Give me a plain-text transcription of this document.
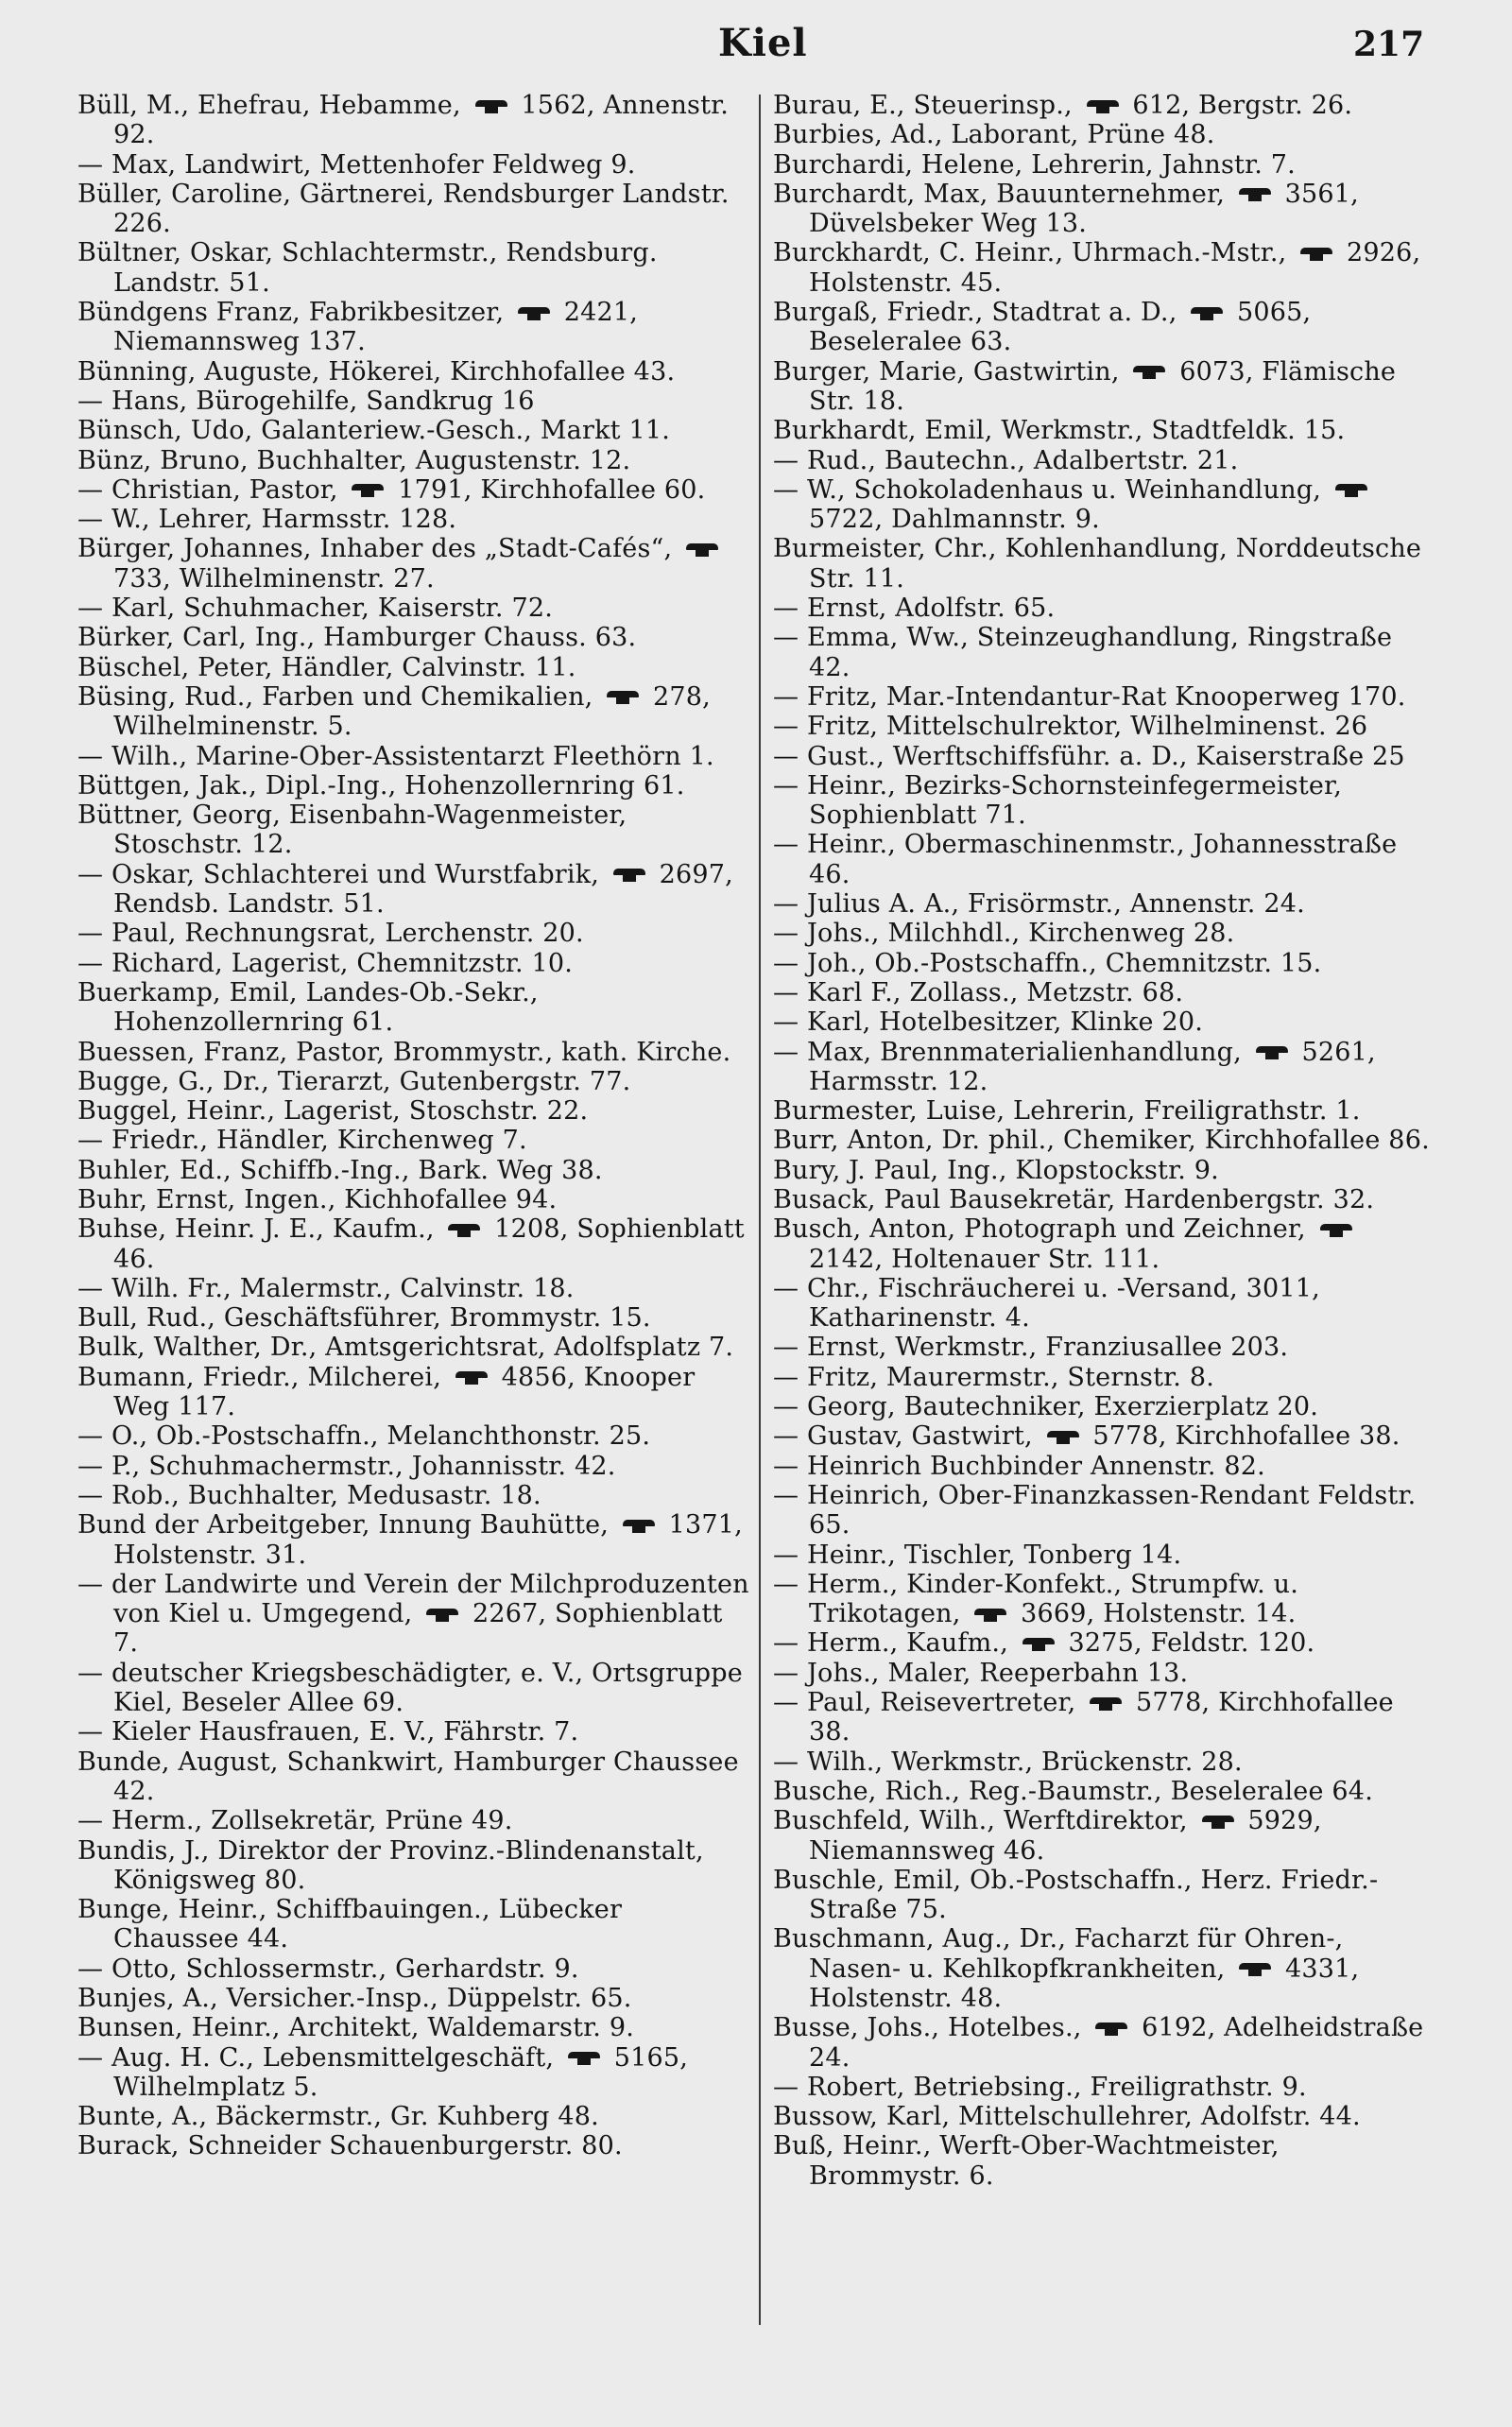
Kiel	217
Büll, M., Ehefrau, Hebamme,  1562, Annenstr. 92.
— Max, Landwirt, Mettenhofer Feldweg 9.
Büller, Caroline, Gärtnerei, Rendsburger Landstr. 226.
Bültner, Oskar, Schlachtermstr., Rendsburg. Landstr. 51.
Bündgens Franz, Fabrikbesitzer,  2421, Niemannsweg 137.
Bünning, Auguste, Hökerei, Kirchhofallee 43.
— Hans, Bürogehilfe, Sandkrug 16
Bünsch, Udo, Galanteriew.-Gesch., Markt 11.
Bünz, Bruno, Buchhalter, Augustenstr. 12.
— Christian, Pastor,  1791, Kirchhofallee 60.
— W., Lehrer, Harmsstr. 128.
Bürger, Johannes, Inhaber des „Stadt-Cafés“,  733, Wilhelminenstr. 27.
— Karl, Schuhmacher, Kaiserstr. 72.
Bürker, Carl, Ing., Hamburger Chauss. 63.
Büschel, Peter, Händler, Calvinstr. 11.
Büsing, Rud., Farben und Chemikalien,  278, Wilhelminenstr. 5.
— Wilh., Marine-Ober-Assistentarzt Fleethörn 1.
Büttgen, Jak., Dipl.-Ing., Hohenzollernring 61.
Büttner, Georg, Eisenbahn-Wagenmeister, Stoschstr. 12.
— Oskar, Schlachterei und Wurstfabrik,  2697, Rendsb. Landstr. 51.
— Paul, Rechnungsrat, Lerchenstr. 20.
— Richard, Lagerist, Chemnitzstr. 10.
Buerkamp, Emil, Landes-Ob.-Sekr., Hohenzollernring 61.
Buessen, Franz, Pastor, Brommystr., kath. Kirche.
Bugge, G., Dr., Tierarzt, Gutenbergstr. 77.
Buggel, Heinr., Lagerist, Stoschstr. 22.
— Friedr., Händler, Kirchenweg 7.
Buhler, Ed., Schiffb.-Ing., Bark. Weg 38.
Buhr, Ernst, Ingen., Kichhofallee 94.
Buhse, Heinr. J. E., Kaufm.,  1208, Sophienblatt 46.
— Wilh. Fr., Malermstr., Calvinstr. 18.
Bull, Rud., Geschäftsführer, Brommystr. 15.
Bulk, Walther, Dr., Amtsgerichtsrat, Adolfsplatz 7.
Bumann, Friedr., Milcherei,  4856, Knooper Weg 117.
— O., Ob.-Postschaffn., Melanchthonstr. 25.
— P., Schuhmachermstr., Johannisstr. 42.
— Rob., Buchhalter, Medusastr. 18.
Bund der Arbeitgeber, Innung Bauhütte,  1371, Holstenstr. 31.
— der Landwirte und Verein der Milchproduzenten von Kiel u. Umgegend,  2267, Sophienblatt 7.
— deutscher Kriegsbeschädigter, e. V., Ortsgruppe Kiel, Beseler Allee 69.
— Kieler Hausfrauen, E. V., Fährstr. 7.
Bunde, August, Schankwirt, Hamburger Chaussee 42.
— Herm., Zollsekretär, Prüne 49.
Bundis, J., Direktor der Provinz.-Blindenanstalt, Königsweg 80.
Bunge, Heinr., Schiffbauingen., Lübecker Chaussee 44.
— Otto, Schlossermstr., Gerhardstr. 9.
Bunjes, A., Versicher.-Insp., Düppelstr. 65.
Bunsen, Heinr., Architekt, Waldemarstr. 9.
— Aug. H. C., Lebensmittelgeschäft,  5165, Wilhelmplatz 5.
Bunte, A., Bäckermstr., Gr. Kuhberg 48.
Burack, Schneider Schauenburgerstr. 80.
Burau, E., Steuerinsp.,  612, Bergstr. 26.
Burbies, Ad., Laborant, Prüne 48.
Burchardi, Helene, Lehrerin, Jahnstr. 7.
Burchardt, Max, Bauunternehmer,  3561, Düvelsbeker Weg 13.
Burckhardt, C. Heinr., Uhrmach.-Mstr.,  2926, Holstenstr. 45.
Burgaß, Friedr., Stadtrat a. D.,  5065, Beseleralee 63.
Burger, Marie, Gastwirtin,  6073, Flämische Str. 18.
Burkhardt, Emil, Werkmstr., Stadtfeldk. 15.
— Rud., Bautechn., Adalbertstr. 21.
— W., Schokoladenhaus u. Weinhandlung,  5722, Dahlmannstr. 9.
Burmeister, Chr., Kohlenhandlung, Norddeutsche Str. 11.
— Ernst, Adolfstr. 65.
— Emma, Ww., Steinzeughandlung, Ringstraße 42.
— Fritz, Mar.-Intendantur-Rat Knooperweg 170.
— Fritz, Mittelschulrektor, Wilhelminenst. 26
— Gust., Werftschiffsführ. a. D., Kaiserstraße 25
— Heinr., Bezirks-Schornsteinfegermeister, Sophienblatt 71.
— Heinr., Obermaschinenmstr., Johannesstraße 46.
— Julius A. A., Frisörmstr., Annenstr. 24.
— Johs., Milchhdl., Kirchenweg 28.
— Joh., Ob.-Postschaffn., Chemnitzstr. 15.
— Karl F., Zollass., Metzstr. 68.
— Karl, Hotelbesitzer, Klinke 20.
— Max, Brennmaterialienhandlung,  5261, Harmsstr. 12.
Burmester, Luise, Lehrerin, Freiligrathstr. 1.
Burr, Anton, Dr. phil., Chemiker, Kirchhofallee 86.
Bury, J. Paul, Ing., Klopstockstr. 9.
Busack, Paul Bausekretär, Hardenbergstr. 32.
Busch, Anton, Photograph und Zeichner,  2142, Holtenauer Str. 111.
— Chr., Fischräucherei u. -Versand, 3011, Katharinenstr. 4.
— Ernst, Werkmstr., Franziusallee 203.
— Fritz, Maurermstr., Sternstr. 8.
— Georg, Bautechniker, Exerzierplatz 20.
— Gustav, Gastwirt,  5778, Kirchhofallee 38.
— Heinrich Buchbinder Annenstr. 82.
— Heinrich, Ober-Finanzkassen-Rendant Feldstr. 65.
— Heinr., Tischler, Tonberg 14.
— Herm., Kinder-Konfekt., Strumpfw. u. Trikotagen,  3669, Holstenstr. 14.
— Herm., Kaufm.,  3275, Feldstr. 120.
— Johs., Maler, Reeperbahn 13.
— Paul, Reisevertreter,  5778, Kirchhofallee 38.
— Wilh., Werkmstr., Brückenstr. 28.
Busche, Rich., Reg.-Baumstr., Beseleralee 64.
Buschfeld, Wilh., Werftdirektor,  5929, Niemannsweg 46.
Buschle, Emil, Ob.-Postschaffn., Herz. Friedr.-Straße 75.
Buschmann, Aug., Dr., Facharzt für Ohren-, Nasen- u. Kehlkopfkrankheiten,  4331, Holstenstr. 48.
Busse, Johs., Hotelbes.,  6192, Adelheidstraße 24.
— Robert, Betriebsing., Freiligrathstr. 9.
Bussow, Karl, Mittelschullehrer, Adolfstr. 44.
Buß, Heinr., Werft-Ober-Wachtmeister, Brommystr. 6.
